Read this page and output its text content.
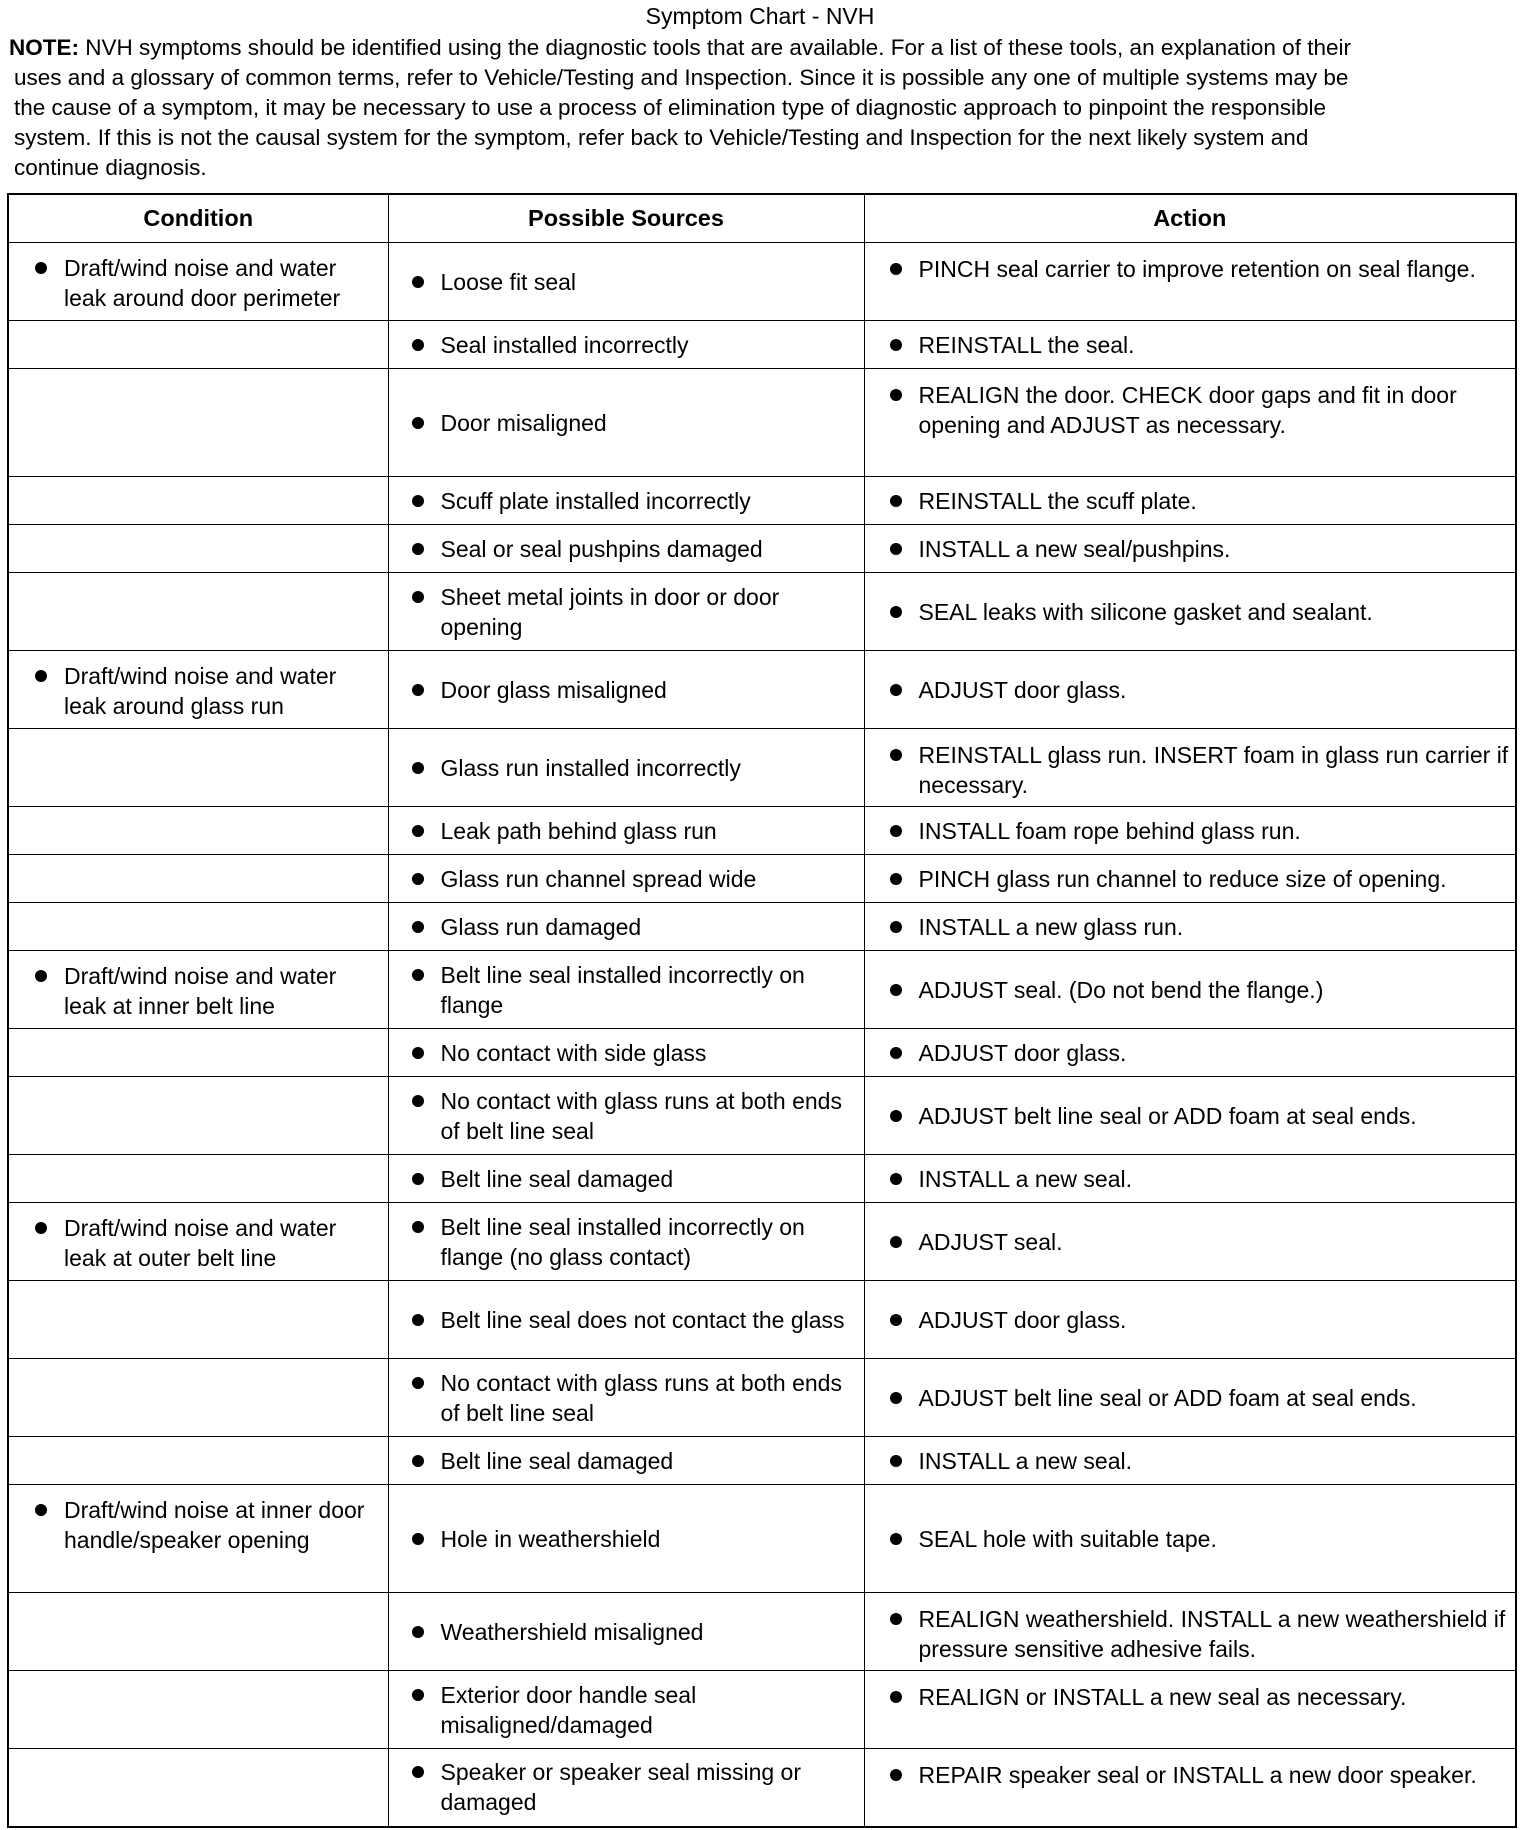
Symptom Chart - NVH
NOTE: NVH symptoms should be identified using the diagnostic tools that are available. For a list of these tools, an explanation of their
uses and a glossary of common terms, refer to Vehicle/Testing and Inspection. Since it is possible any one of multiple systems may be
the cause of a symptom, it may be necessary to use a process of elimination type of diagnostic approach to pinpoint the responsible
system. If this is not the causal system for the symptom, refer back to Vehicle/Testing and Inspection for the next likely system and
continue diagnosis.
Condition	Possible Sources	Action

Draft/wind noise and water leak around door perimeter	Loose fit seal	PINCH seal carrier to improve retention on seal flange.

	Seal installed incorrectly	REINSTALL the seal.

	Door misaligned	REALIGN the door. CHECK door gaps and fit in door opening and ADJUST as necessary.

	Scuff plate installed incorrectly	REINSTALL the scuff plate.

	Seal or seal pushpins damaged	INSTALL a new seal/pushpins.

	Sheet metal joints in door or door opening	SEAL leaks with silicone gasket and sealant.

Draft/wind noise and water leak around glass run	Door glass misaligned	ADJUST door glass.

	Glass run installed incorrectly	REINSTALL glass run. INSERT foam in glass run carrier if necessary.

	Leak path behind glass run	INSTALL foam rope behind glass run.

	Glass run channel spread wide	PINCH glass run channel to reduce size of opening.

	Glass run damaged	INSTALL a new glass run.

Draft/wind noise and water leak at inner belt line	Belt line seal installed incorrectly on flange	ADJUST seal. (Do not bend the flange.)

	No contact with side glass	ADJUST door glass.

	No contact with glass runs at both ends of belt line seal	ADJUST belt line seal or ADD foam at seal ends.

	Belt line seal damaged	INSTALL a new seal.

Draft/wind noise and water leak at outer belt line	Belt line seal installed incorrectly on flange (no glass contact)	ADJUST seal.

	Belt line seal does not contact the glass	ADJUST door glass.

	No contact with glass runs at both ends of belt line seal	ADJUST belt line seal or ADD foam at seal ends.

	Belt line seal damaged	INSTALL a new seal.

Draft/wind noise at inner door handle/speaker opening	Hole in weathershield	SEAL hole with suitable tape.

	Weathershield misaligned	REALIGN weathershield. INSTALL a new weathershield if pressure sensitive adhesive fails.

	Exterior door handle seal misaligned/damaged	REALIGN or INSTALL a new seal as necessary.

	Speaker or speaker seal missing or damaged	REPAIR speaker seal or INSTALL a new door speaker.
